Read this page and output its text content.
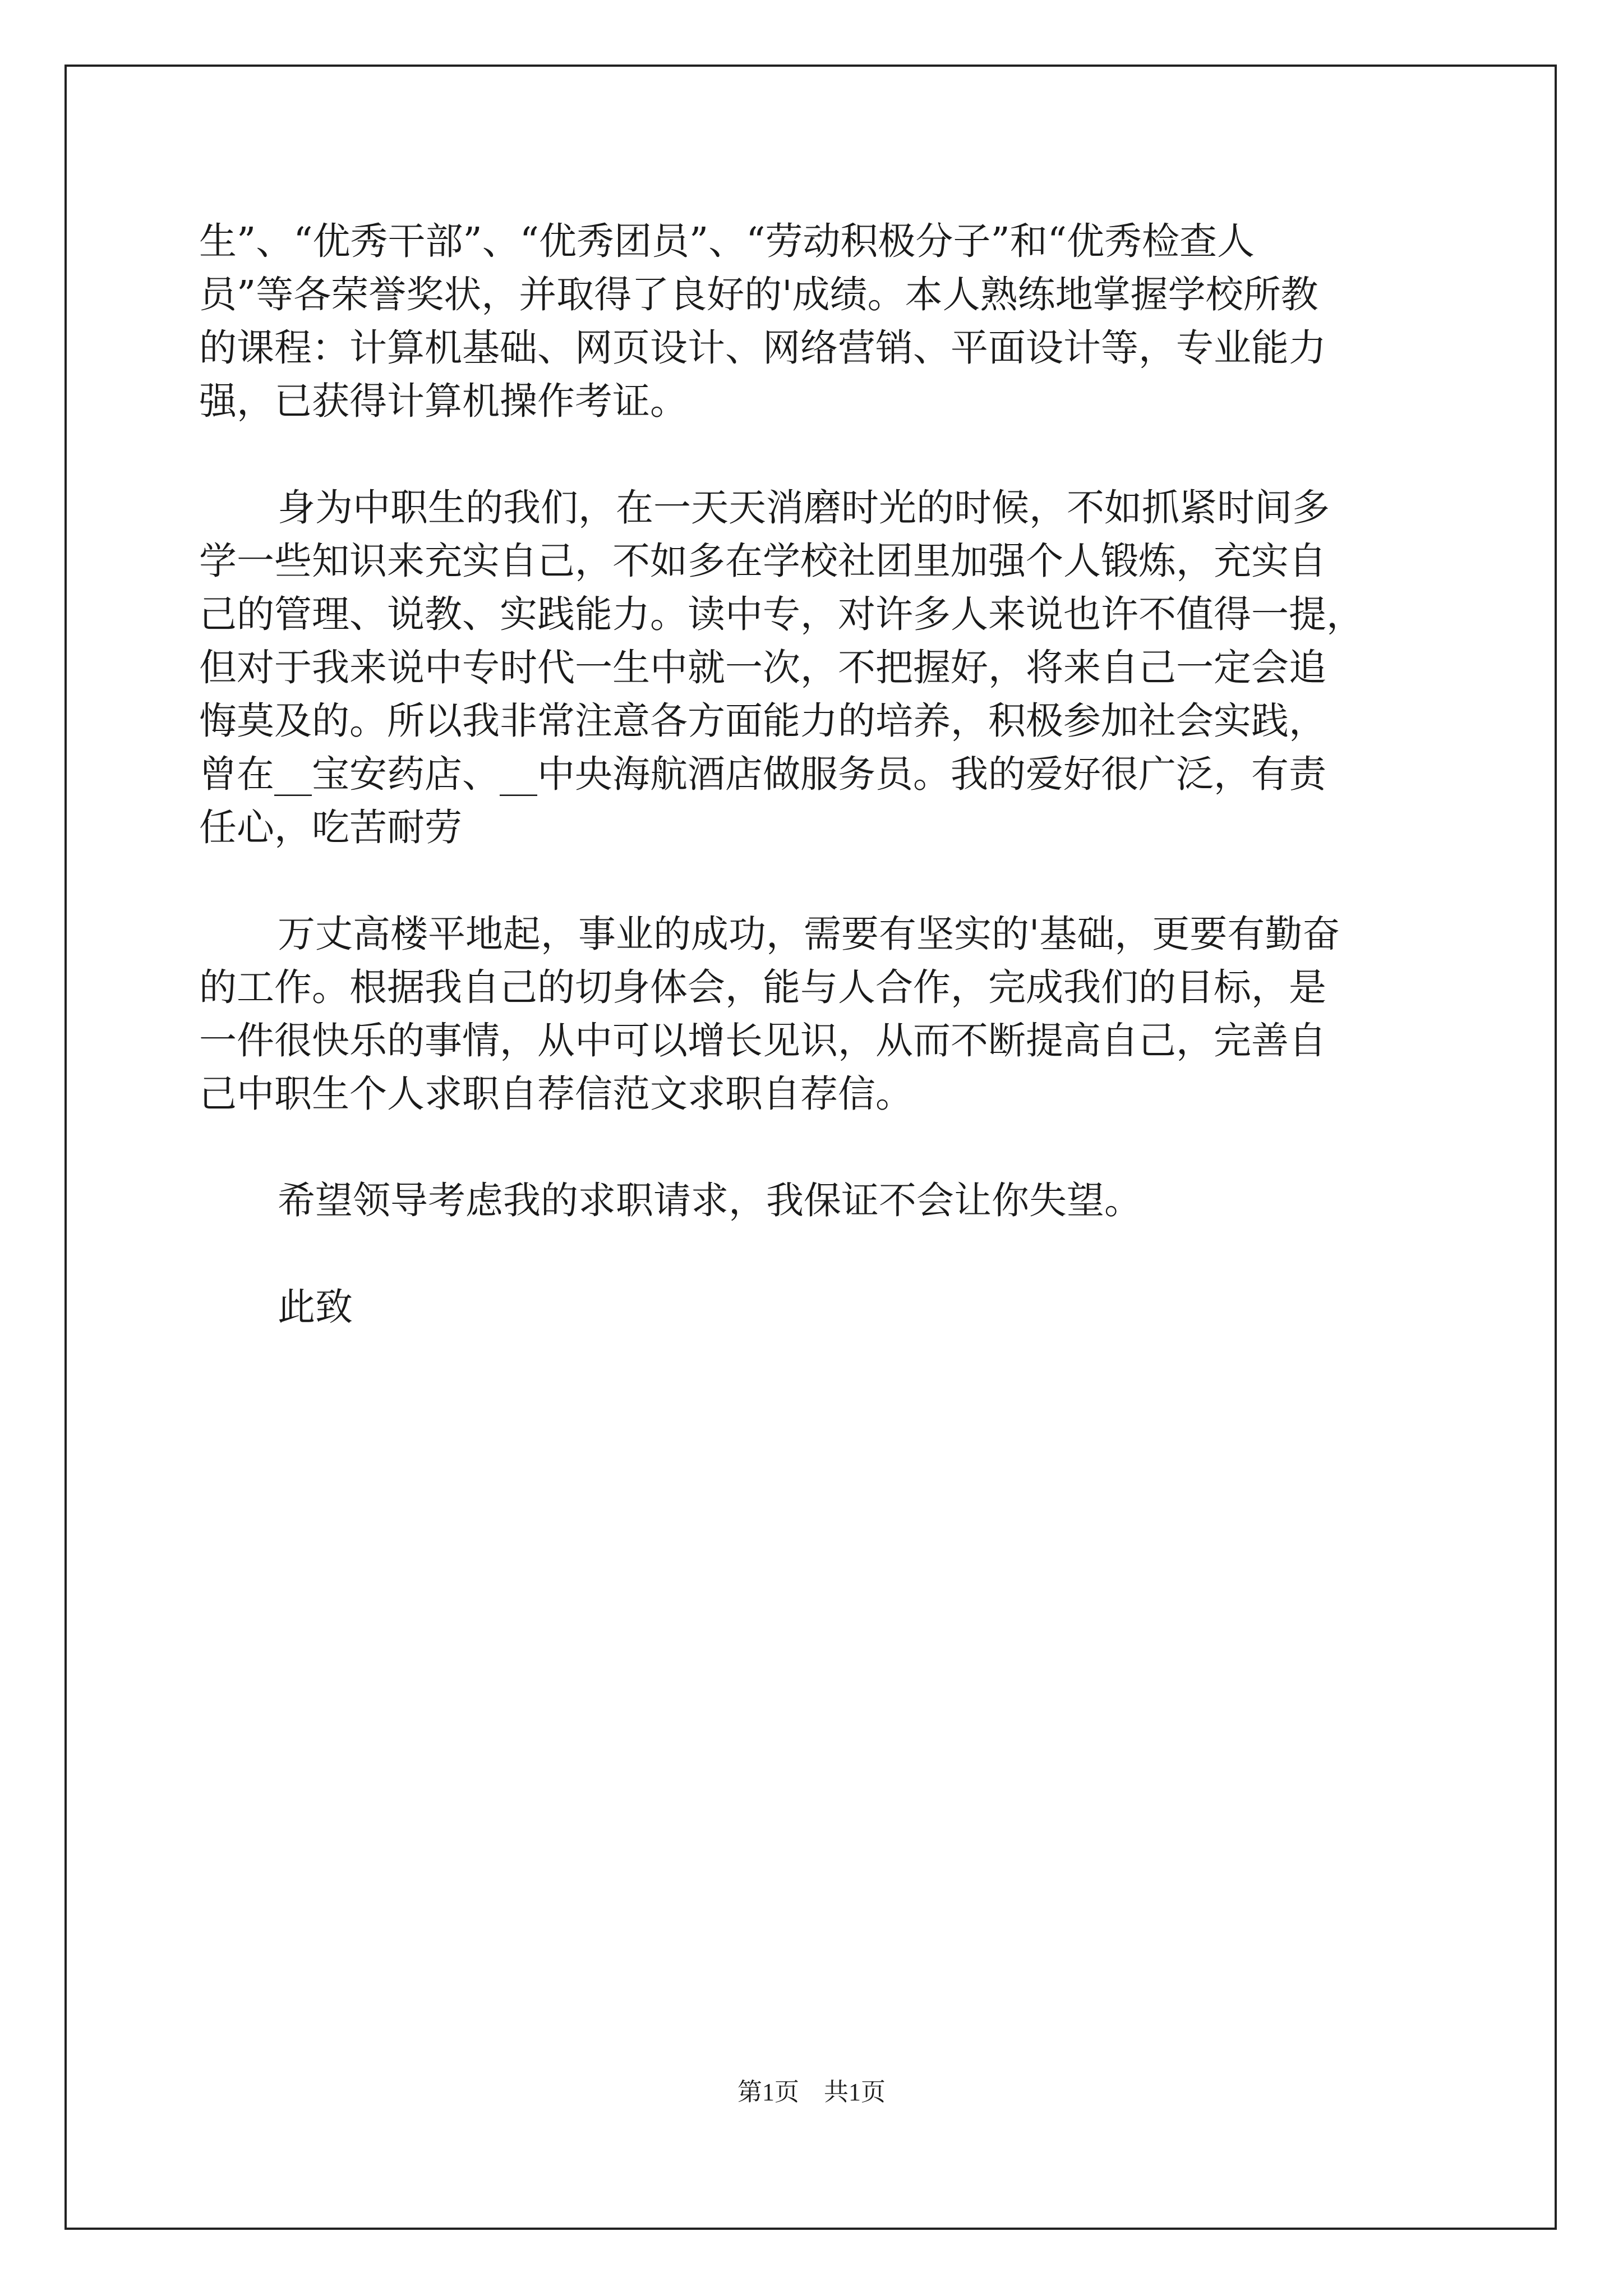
生”、“优秀干部”、“优秀团员”、“劳动积极分子”和“优秀检查人
员”等各荣誉奖状，并取得了良好的'成绩。本人熟练地掌握学校所教
的课程：计算机基础、网页设计、网络营销、平面设计等，专业能力
强，已获得计算机操作考证。
身为中职生的我们，在一天天消磨时光的时候，不如抓紧时间多
学一些知识来充实自己，不如多在学校社团里加强个人锻炼，充实自
己的管理、说教、实践能力。读中专，对许多人来说也许不值得一提，
但对于我来说中专时代一生中就一次，不把握好，将来自己一定会追
悔莫及的。所以我非常注意各方面能力的培养，积极参加社会实践，
曾在__宝安药店、__中央海航酒店做服务员。我的爱好很广泛，有责
任心，吃苦耐劳
万丈高楼平地起，事业的成功，需要有坚实的'基础，更要有勤奋
的工作。根据我自己的切身体会，能与人合作，完成我们的目标，是
一件很快乐的事情，从中可以增长见识，从而不断提高自己，完善自
己中职生个人求职自荐信范文求职自荐信。
希望领导考虑我的求职请求，我保证不会让你失望。
此致
第1页　共1页
